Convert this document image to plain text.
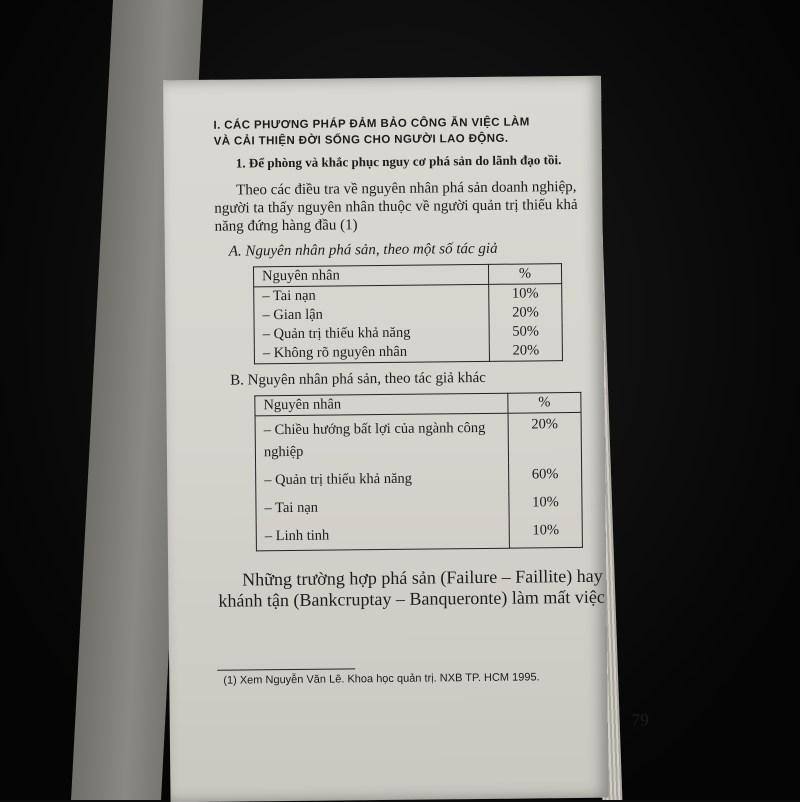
I. CÁC PHƯƠNG PHÁP ĐẢM BẢO CÔNG ĂN VIỆC LÀM

VÀ CẢI THIỆN ĐỜI SỐNG CHO NGƯỜI LAO ĐỘNG.

1. Để phòng và khắc phục nguy cơ phá sản do lãnh đạo tồi.

Theo các điều tra về nguyên nhân phá sản doanh nghiệp, người ta thấy nguyên nhân thuộc về người quản trị thiếu khả năng đứng hàng đầu (1)

A. Nguyên nhân phá sản, theo một số tác giả

Nguyên nhân	%
– Tai nạn	10%
– Gian lận	20%
– Quản trị thiếu khả năng	50%
– Không rõ nguyên nhân	20%

B. Nguyên nhân phá sản, theo tác giả khác

Nguyên nhân	%
– Chiều hướng bất lợi của ngành công nghiệp	20%
– Quản trị thiếu khả năng	60%
– Tai nạn	10%
– Linh tinh	10%

Những trường hợp phá sản (Failure – Faillite) hay khánh tận (Bankcruptay – Banqueronte) làm mất việc

(1) Xem Nguyễn Văn Lê. Khoa học quản trị. NXB TP. HCM 1995.

79
